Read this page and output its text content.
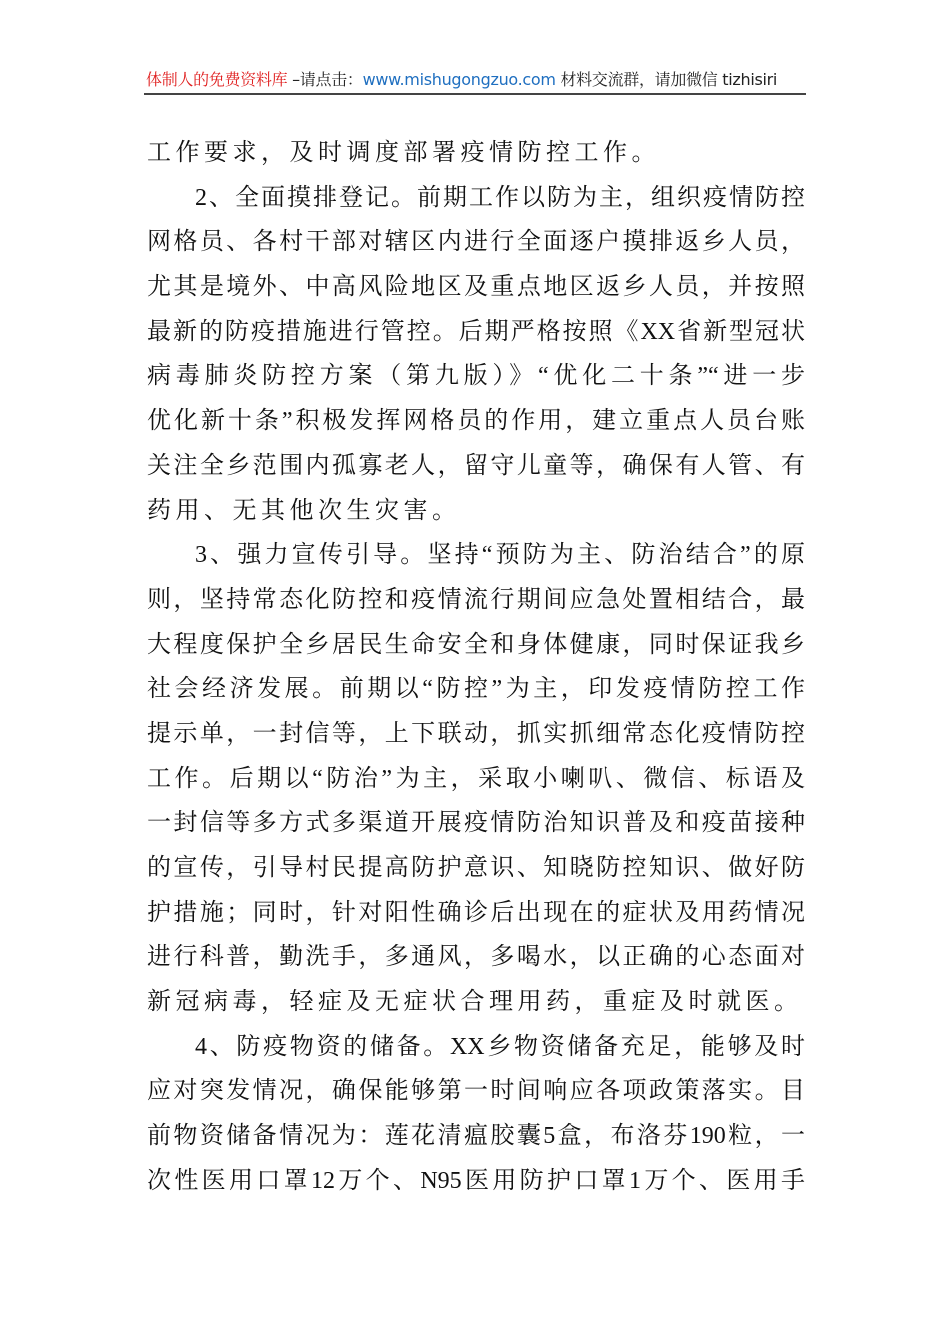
体制人的免费资料库 –请点击：www.mishugongzuo.com 材料交流群，请加微信 tizhisiri
工作要求，及时调度部署疫情防控工作。
2、全面摸排登记。前期工作以防为主，组织疫情防控
网格员、各村干部对辖区内进行全面逐户摸排返乡人员，
尤其是境外、中高风险地区及重点地区返乡人员，并按照
最新的防疫措施进行管控。后期严格按照《XX省新型冠状
病毒肺炎防控方案（第九版）》“优化二十条”“进一步
优化新十条”积极发挥网格员的作用，建立重点人员台账
关注全乡范围内孤寡老人，留守儿童等，确保有人管、有
药用、无其他次生灾害。
3、强力宣传引导。坚持“预防为主、防治结合”的原
则，坚持常态化防控和疫情流行期间应急处置相结合，最
大程度保护全乡居民生命安全和身体健康，同时保证我乡
社会经济发展。前期以“防控”为主，印发疫情防控工作
提示单，一封信等，上下联动，抓实抓细常态化疫情防控
工作。后期以“防治”为主，采取小喇叭、微信、标语及
一封信等多方式多渠道开展疫情防治知识普及和疫苗接种
的宣传，引导村民提高防护意识、知晓防控知识、做好防
护措施；同时，针对阳性确诊后出现在的症状及用药情况
进行科普，勤洗手，多通风，多喝水，以正确的心态面对
新冠病毒，轻症及无症状合理用药，重症及时就医。
4、防疫物资的储备。XX乡物资储备充足，能够及时
应对突发情况，确保能够第一时间响应各项政策落实。目
前物资储备情况为：莲花清瘟胶囊5盒，布洛芬190粒，一
次性医用口罩12万个、N95医用防护口罩1万个、医用手
